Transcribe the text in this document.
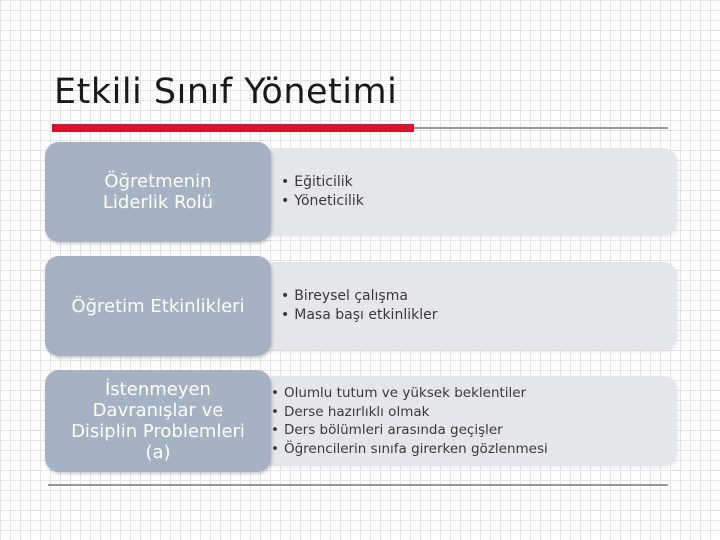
Etkili Sınıf Yönetimi
• Eğiticilik
• Yöneticilik
Öğretmenin
Liderlik Rolü
• Bireysel çalışma
• Masa başı etkinlikler
Öğretim Etkinlikleri
• Olumlu tutum ve yüksek beklentiler
• Derse hazırlıklı olmak
• Ders bölümleri arasında geçişler
• Öğrencilerin sınıfa girerken gözlenmesi
İstenmeyen
Davranışlar ve
Disiplin Problemleri
(a)
